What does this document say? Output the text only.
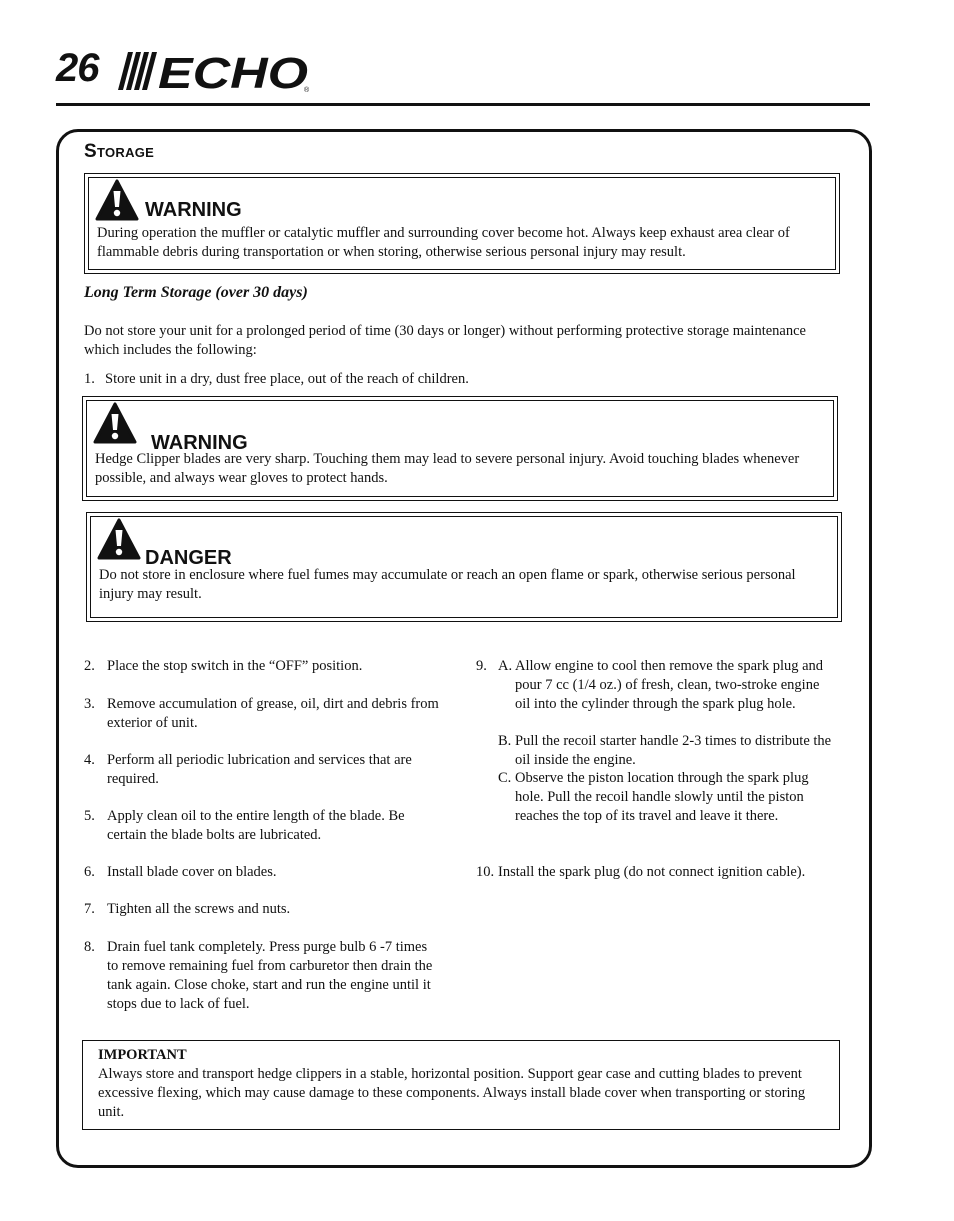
26 ECHO
®
Storage
WARNING
During operation the muffler or catalytic muffler and surrounding cover become hot. Always keep exhaust area clear of flammable debris during transportation or when storing, otherwise serious personal injury may result.
Long Term Storage (over 30 days)
Do not store your unit for a prolonged period of time (30 days or longer) without performing protective storage maintenance which includes the following:
1. Store unit in a dry, dust free place, out of the reach of children.
WARNING
Hedge Clipper blades are very sharp. Touching them may lead to severe personal injury. Avoid touching blades whenever possible, and always wear gloves to protect hands.
DANGER
Do not store in enclosure where fuel fumes may accumulate or reach an open flame or spark, otherwise serious personal injury may result.
2. Place the stop switch in the “OFF” position.
3. Remove accumulation of grease, oil, dirt and debris from exterior of unit.
4. Perform all periodic lubrication and services that are required.
5. Apply clean oil to the entire length of the blade. Be certain the blade bolts are lubricated.
6. Install blade cover on blades.
7. Tighten all the screws and nuts.
8. Drain fuel tank completely. Press purge bulb 6 -7 times to remove remaining fuel from carburetor then drain the tank again. Close choke, start and run the engine until it stops due to lack of fuel.
9. A. Allow engine to cool then remove the spark plug and pour 7 cc (1/4 oz.) of fresh, clean, two-stroke engine oil into the cylinder through the spark plug hole.
B. Pull the recoil starter handle 2-3 times to distribute the oil inside the engine.
C. Observe the piston location through the spark plug hole. Pull the recoil handle slowly until the piston reaches the top of its travel and leave it there.
10. Install the spark plug (do not connect ignition cable).
IMPORTANT
Always store and transport hedge clippers in a stable, horizontal position. Support gear case and cutting blades to prevent excessive flexing, which may cause damage to these components. Always install blade cover when transporting or storing unit.
